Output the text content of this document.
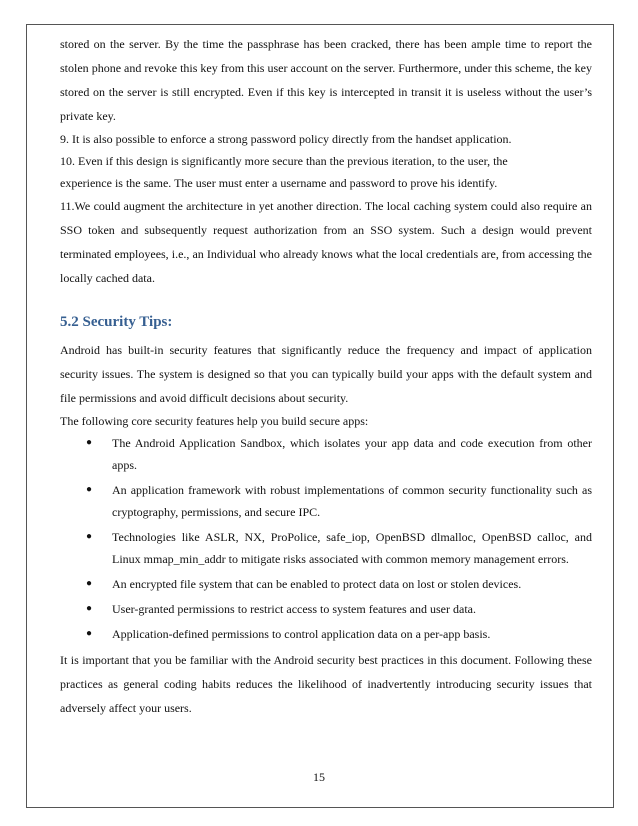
stored on the server. By the time the passphrase has been cracked, there has been ample time to report the stolen phone and revoke this key from this user account on the server. Furthermore, under this scheme, the key stored on the server is still encrypted. Even if this key is intercepted in transit it is useless without the user’s private key.

9. It is also possible to enforce a strong password policy directly from the handset application.

10. Even if this design is significantly more secure than the previous iteration, to the user, the

experience is the same. The user must enter a username and password to prove his identify.

11.We could augment the architecture in yet another direction. The local caching system could also require an SSO token and subsequently request authorization from an SSO system. Such a design would prevent terminated employees, i.e., an Individual who already knows what the local credentials are, from accessing the locally cached data.

5.2 Security Tips:

Android has built-in security features that significantly reduce the frequency and impact of application security issues. The system is designed so that you can typically build your apps with the default system and file permissions and avoid difficult decisions about security.

The following core security features help you build secure apps:

● The Android Application Sandbox, which isolates your app data and code execution from other apps.
● An application framework with robust implementations of common security functionality such as cryptography, permissions, and secure IPC.
● Technologies like ASLR, NX, ProPolice, safe_iop, OpenBSD dlmalloc, OpenBSD calloc, and Linux mmap_min_addr to mitigate risks associated with common memory management errors.
● An encrypted file system that can be enabled to protect data on lost or stolen devices.
● User-granted permissions to restrict access to system features and user data.
● Application-defined permissions to control application data on a per-app basis.

It is important that you be familiar with the Android security best practices in this document. Following these practices as general coding habits reduces the likelihood of inadvertently introducing security issues that adversely affect your users.

15
